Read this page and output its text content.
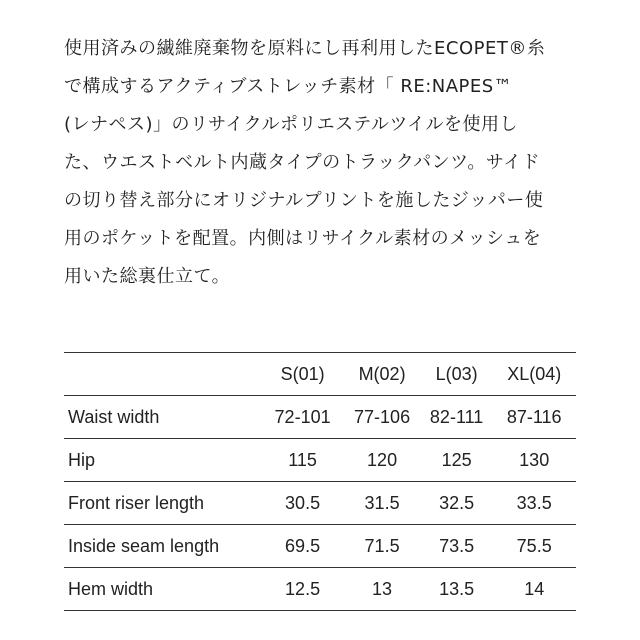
使用済みの繊維廃棄物を原料にし再利用したECOPET®糸
で構成するアクティブストレッチ素材「 RE:NAPES™
(レナペス)」のリサイクルポリエステルツイルを使用し
た、ウエストベルト内蔵タイプのトラックパンツ。サイド
の切り替え部分にオリジナルプリントを施したジッパー使
用のポケットを配置。内側はリサイクル素材のメッシュを
用いた総裏仕立て。
	S(01)	M(02)	L(03)	XL(04)
Waist width	72-101	77-106	82-111	87-116
Hip	115	120	125	130
Front riser length	30.5	31.5	32.5	33.5
Inside seam length	69.5	71.5	73.5	75.5
Hem width	12.5	13	13.5	14
